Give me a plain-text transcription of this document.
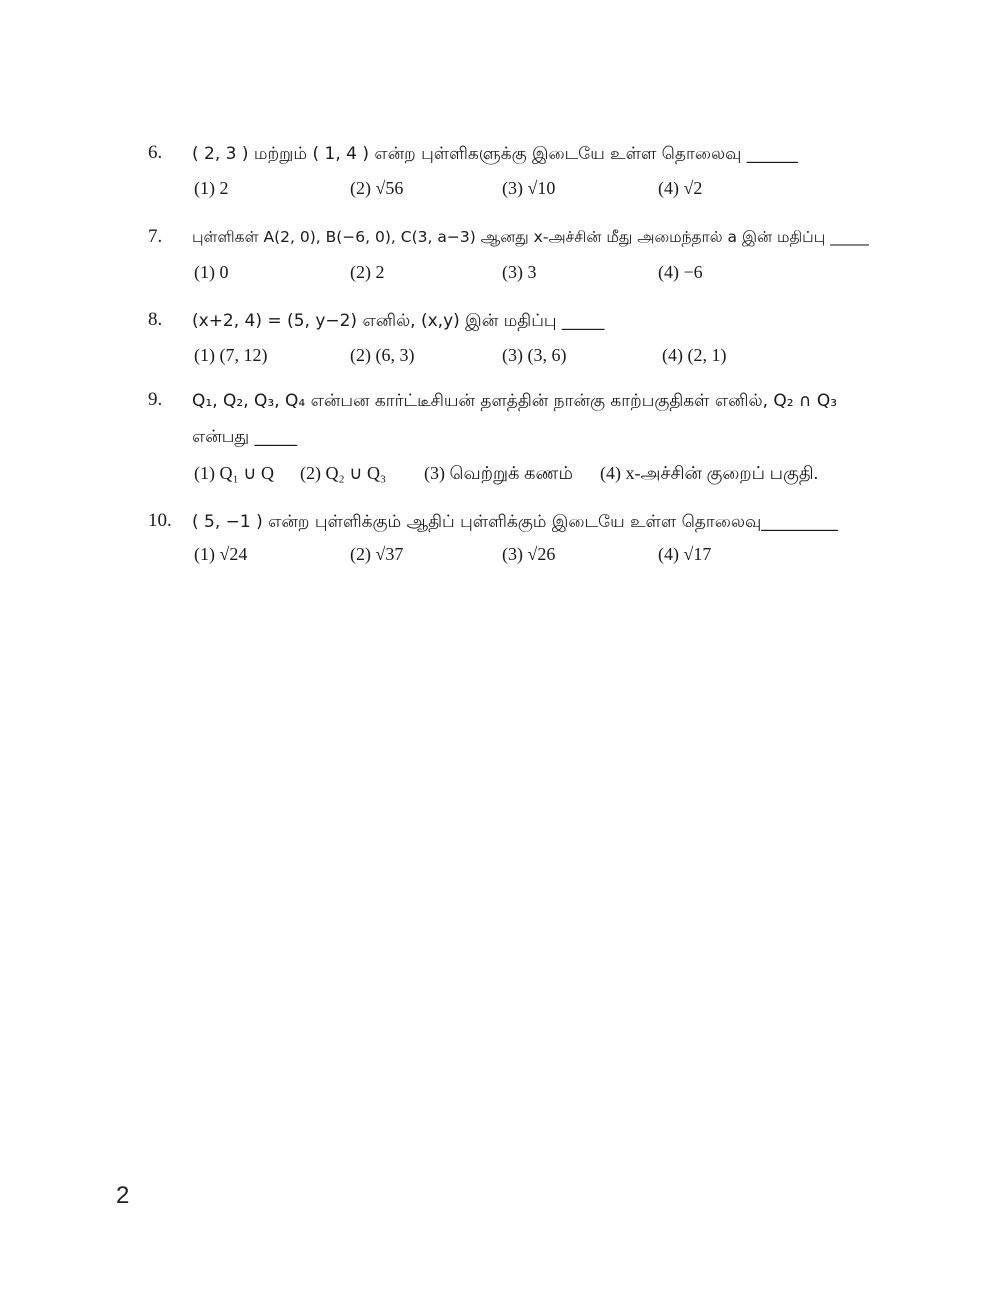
6. ( 2, 3 ) மற்றும் ( 1, 4 ) என்ற புள்ளிகளுக்கு இடையே உள்ள தொலைவு ______
(1) 2	(2) √56	(3) √10	(4) √2
7. புள்ளிகள் A(2, 0), B(−6, 0), C(3, a−3) ஆனது x-அச்சின் மீது அமைந்தால் a இன் மதிப்பு _____
(1) 0	(2) 2	(3) 3	(4) −6
8. (x+2, 4) = (5, y−2) எனில், (x,y) இன் மதிப்பு _____
(1) (7, 12)	(2) (6, 3)	(3) (3, 6)	(4) (2, 1)
9. Q₁, Q₂, Q₃, Q₄ என்பன கார்ட்டீசியன் தளத்தின் நான்கு காற்பகுதிகள் எனில், Q₂ ∩ Q₃
என்பது _____
(1) Q₁ ∪ Q (2) Q₂ ∪ Q₃ (3) வெற்றுக் கணம் (4) x-அச்சின் குறைப் பகுதி.
10. ( 5, −1 ) என்ற புள்ளிக்கும் ஆதிப் புள்ளிக்கும் இடையே உள்ள தொலைவு_________
(1) √24	(2) √37	(3) √26	(4) √17
2
